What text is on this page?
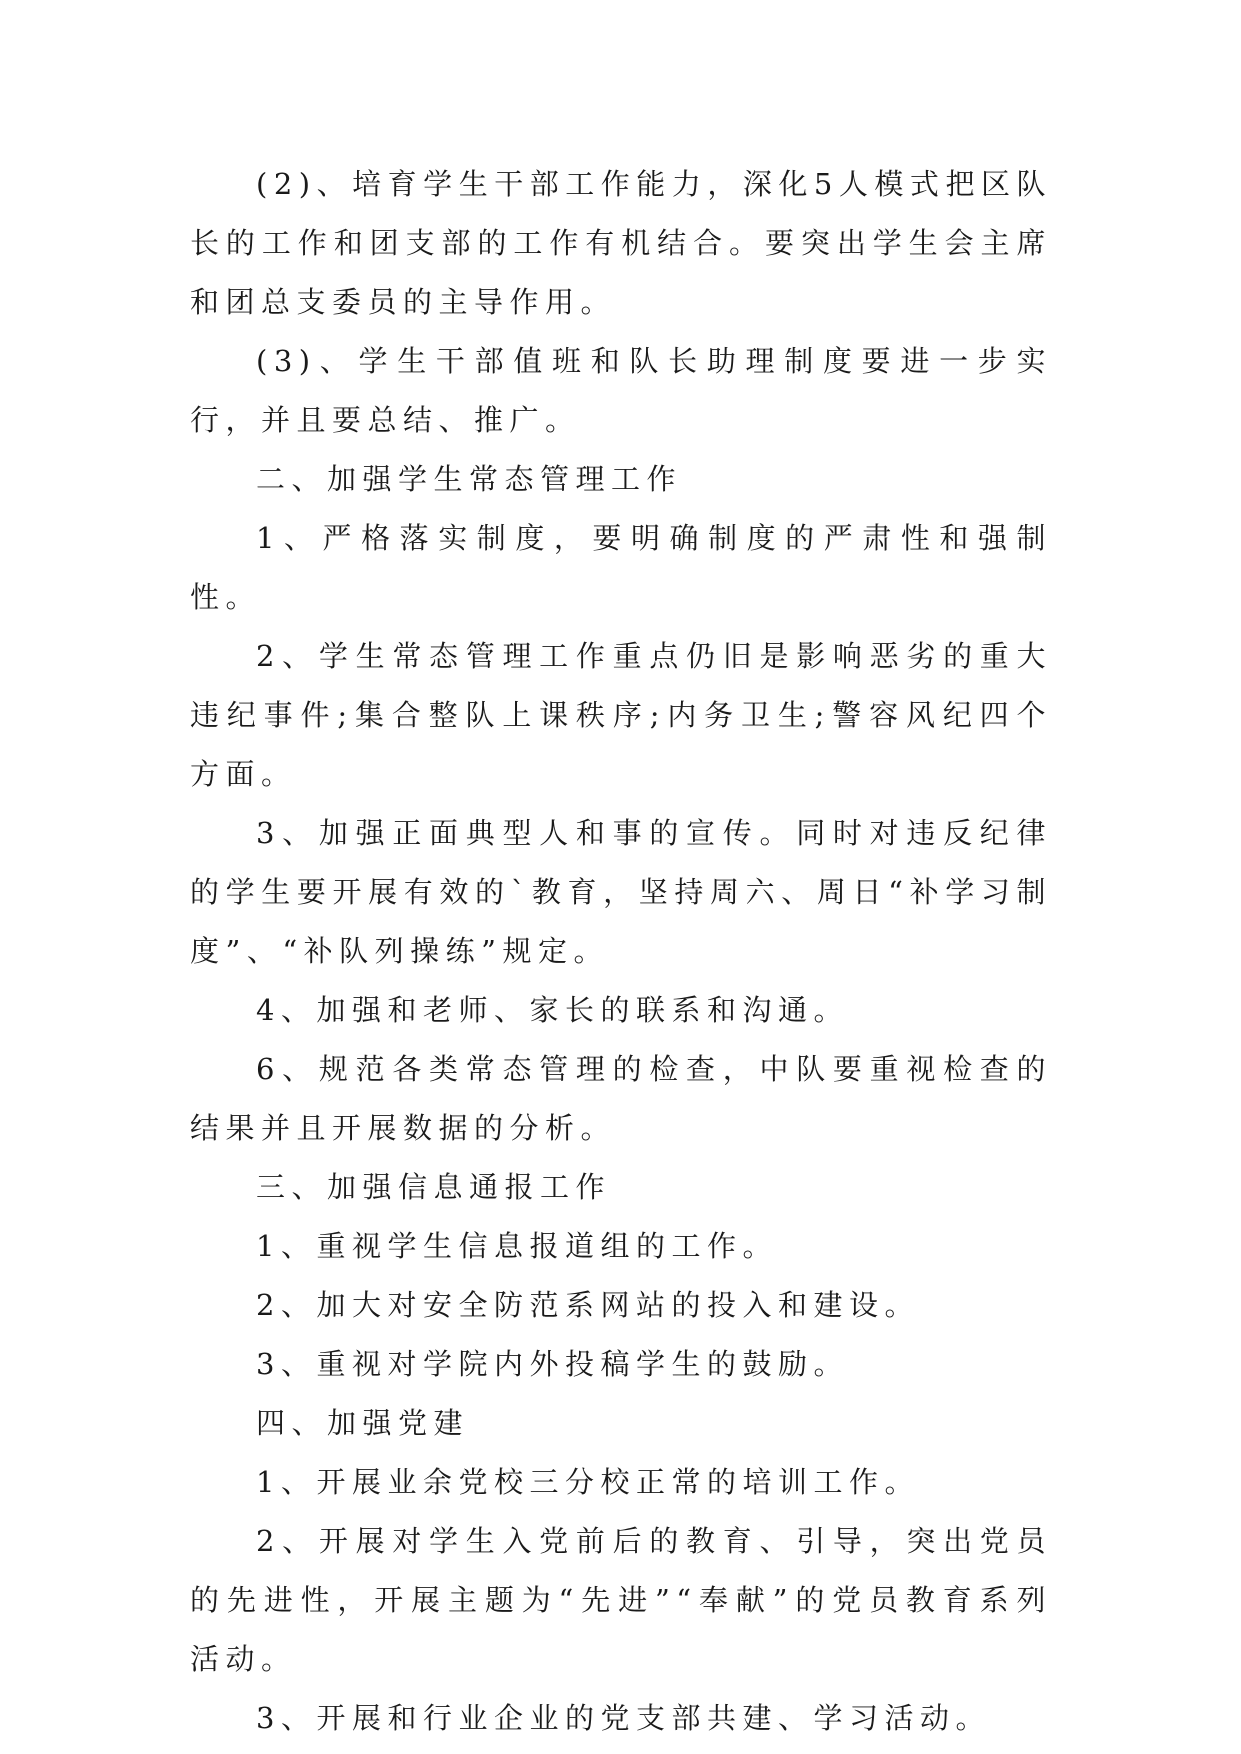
(2)、培育学生干部工作能力，深化5人模式把区队长的工作和团支部的工作有机结合。要突出学生会主席和团总支委员的主导作用。

(3)、学生干部值班和队长助理制度要进一步实行，并且要总结、推广。

二、加强学生常态管理工作

1、严格落实制度，要明确制度的严肃性和强制性。

2、学生常态管理工作重点仍旧是影响恶劣的重大违纪事件;集合整队上课秩序;内务卫生;警容风纪四个方面。

3、加强正面典型人和事的宣传。同时对违反纪律的学生要开展有效的`教育，坚持周六、周日“补学习制度”、“补队列操练”规定。

4、加强和老师、家长的联系和沟通。

6、规范各类常态管理的检查，中队要重视检查的结果并且开展数据的分析。

三、加强信息通报工作

1、重视学生信息报道组的工作。

2、加大对安全防范系网站的投入和建设。

3、重视对学院内外投稿学生的鼓励。

四、加强党建

1、开展业余党校三分校正常的培训工作。

2、开展对学生入党前后的教育、引导，突出党员的先进性，开展主题为“先进”“奉献”的党员教育系列活动。

3、开展和行业企业的党支部共建、学习活动。
